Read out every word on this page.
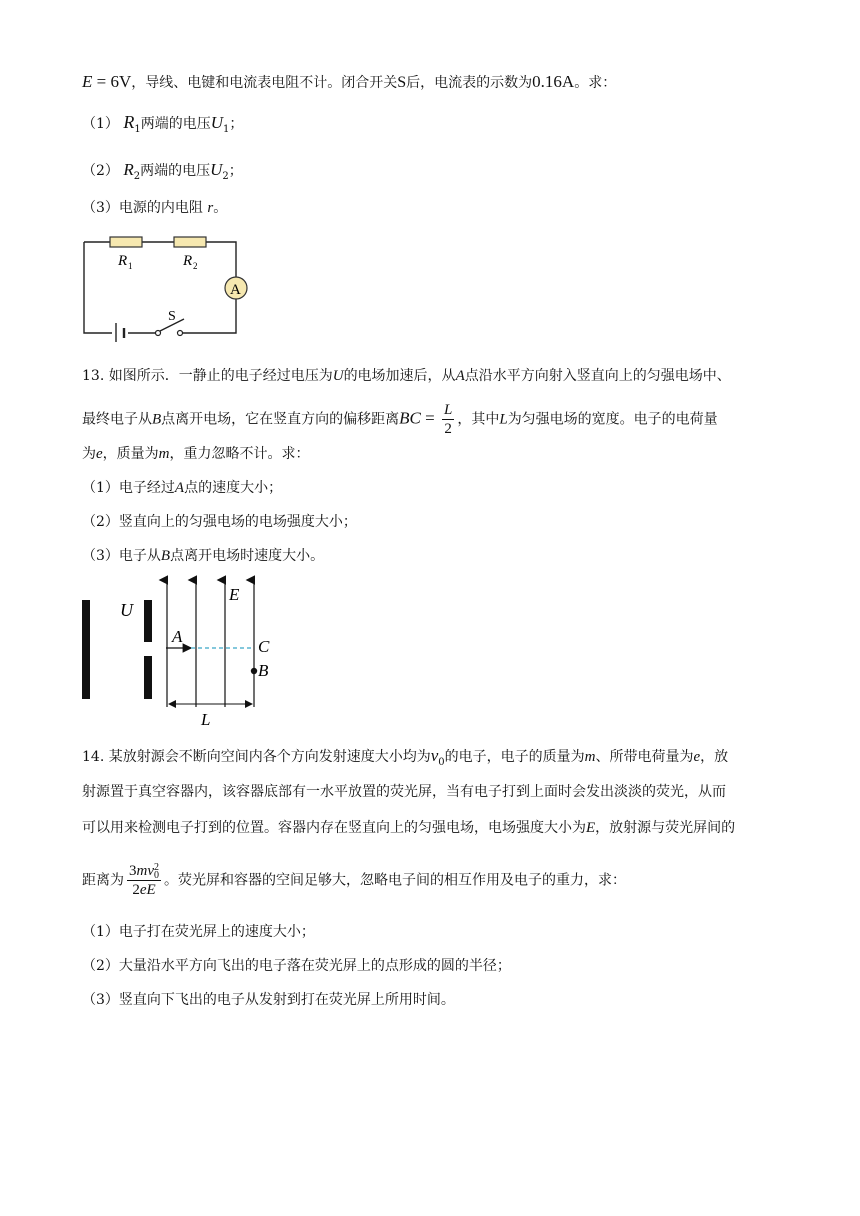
E = 6V，导线、电键和电流表电阻不计。闭合开关S后，电流表的示数为0.16A。求：
（1） $R_1$两端的电压$U_1$；
（2） $R_2$两端的电压$U_2$；
（3）电源的内电阻 r。
R 1	R 2
A
S
13. 如图所示．一静止的电子经过电压为U的电场加速后，从A点沿水平方向射入竖直向上的匀强电场中、
最终电子从B点离开电场，它在竖直方向的偏移距离BC = $\frac{L}{2}$ ，其中L为匀强电场的宽度。电子的电荷量
为e，质量为m，重力忽略不计。求：
（1）电子经过A点的速度大小；
（2）竖直向上的匀强电场的电场强度大小；
（3）电子从B点离开电场时速度大小。
U
E
A
C
B
L
14. 某放射源会不断向空间内各个方向发射速度大小均为$v_0$的电子，电子的质量为m、所带电荷量为e，放
射源置于真空容器内，该容器底部有一水平放置的荧光屏，当有电子打到上面时会发出淡淡的荧光，从而
可以用来检测电子打到的位置。容器内存在竖直向上的匀强电场，电场强度大小为E，放射源与荧光屏间的
距离为 3mv 2
0
2eE 。荧光屏和容器的空间足够大，忽略电子间的相互作用及电子的重力，求：
（1）电子打在荧光屏上的速度大小；
（2）大量沿水平方向飞出的电子落在荧光屏上的点形成的圆的半径；
（3）竖直向下飞出的电子从发射到打在荧光屏上所用时间。
